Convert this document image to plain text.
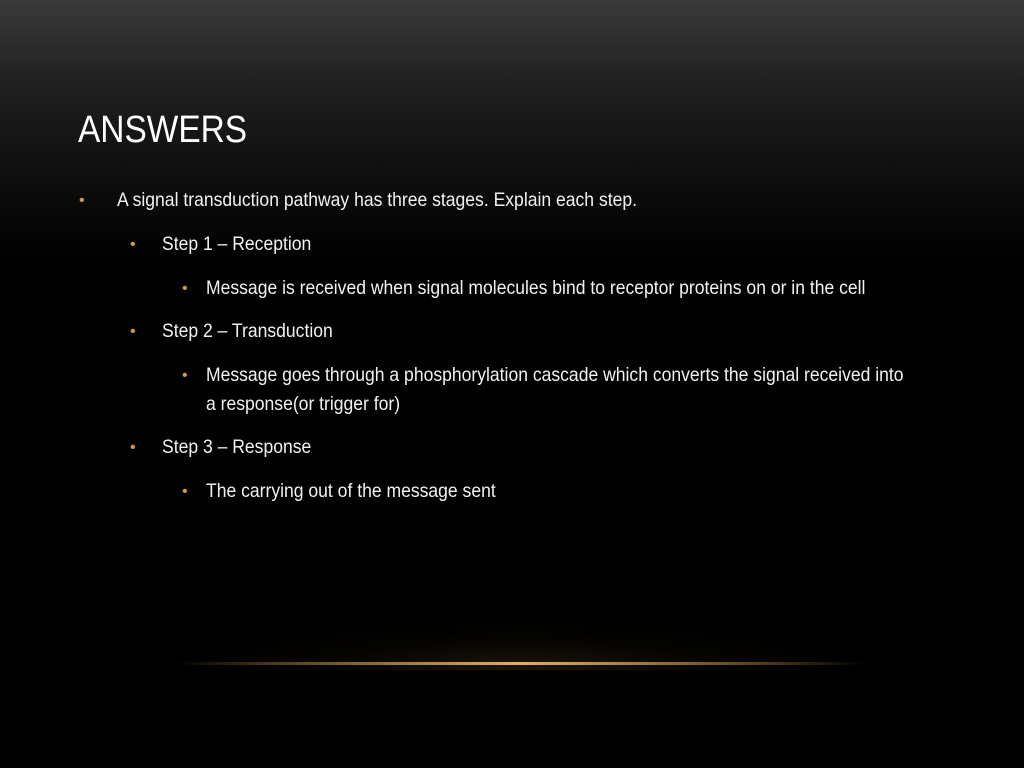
ANSWERS
• A signal transduction pathway has three stages. Explain each step.
• Step 1 – Reception
• Message is received when signal molecules bind to receptor proteins on or in the cell
• Step 2 – Transduction
• Message goes through a phosphorylation cascade which converts the signal received into a response(or trigger for)
• Step 3 – Response
• The carrying out of the message sent
